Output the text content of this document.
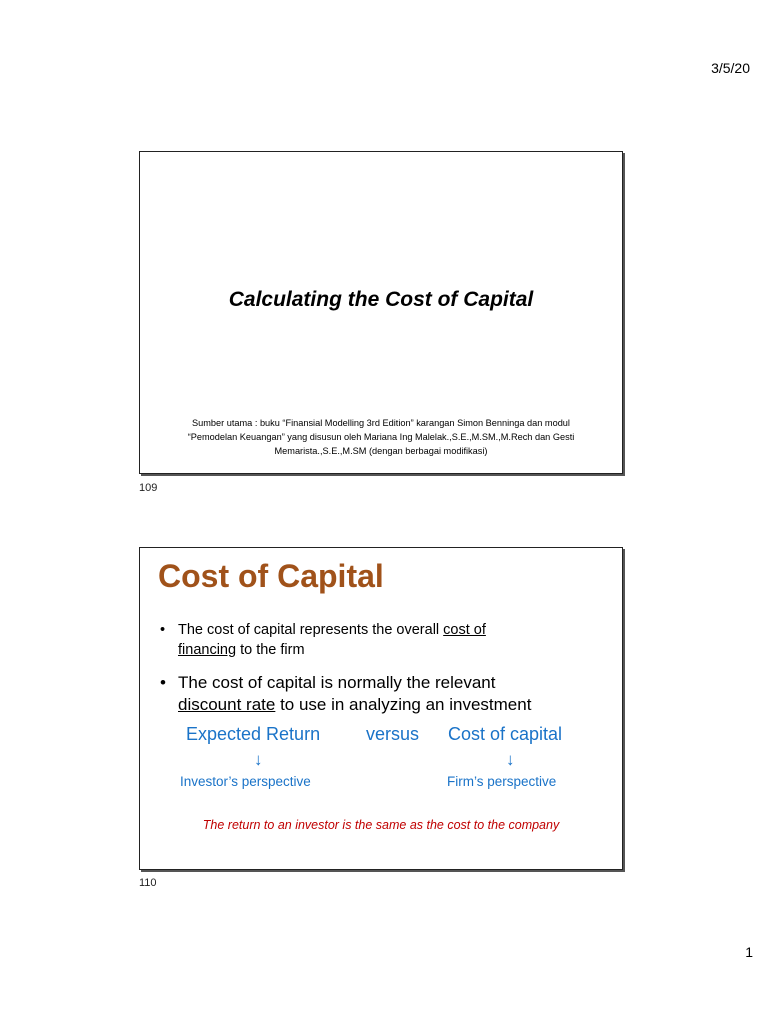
3/5/20
Calculating the Cost of Capital
Sumber utama : buku “Finansial Modelling 3rd Edition” karangan Simon Benninga dan modul
“Pemodelan Keuangan” yang disusun oleh Mariana Ing Malelak.,S.E.,M.SM.,M.Rech dan Gesti
Memarista.,S.E.,M.SM (dengan berbagai modifikasi)
109
Cost of Capital
• The cost of capital represents the overall cost of
financing to the firm
• The cost of capital is normally the relevant
discount rate to use in analyzing an investment
Expected Return	versus Cost of capital
↓	↓
Investor’s perspective	Firm’s perspective
The return to an investor is the same as the cost to the company
110
1
